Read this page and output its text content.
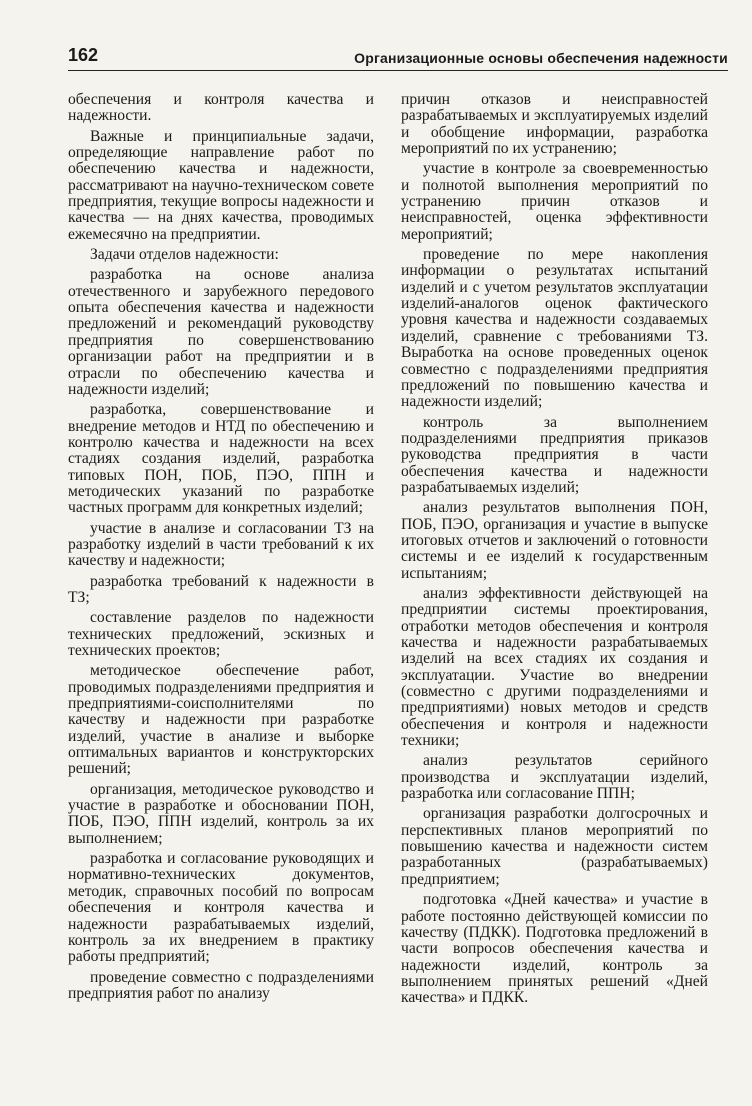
162	Организационные основы обеспечения надежности

обеспечения и контроля качества и надежности.

Важные и принципиальные задачи, определяющие направление работ по обеспечению качества и надежности, рассматривают на научно-техническом совете предприятия, текущие вопросы надежности и качества — на днях качества, проводимых ежемесячно на предприятии.

Задачи отделов надежности:

разработка на основе анализа отечественного и зарубежного передового опыта обеспечения качества и надежности предложений и рекомендаций руководству предприятия по совершенствованию организации работ на предприятии и в отрасли по обеспечению качества и надежности изделий;

разработка, совершенствование и внедрение методов и НТД по обеспечению и контролю качества и надежности на всех стадиях создания изделий, разработка типовых ПОН, ПОБ, ПЭО, ППН и методических указаний по разработке частных программ для конкретных изделий;

участие в анализе и согласовании ТЗ на разработку изделий в части требований к их качеству и надежности;

разработка требований к надежности в ТЗ;

составление разделов по надежности технических предложений, эскизных и технических проектов;

методическое обеспечение работ, проводимых подразделениями предприятия и предприятиями-соисполнителями по качеству и надежности при разработке изделий, участие в анализе и выборке оптимальных вариантов и конструкторских решений;

организация, методическое руководство и участие в разработке и обосновании ПОН, ПОБ, ПЭО, ППН изделий, контроль за их выполнением;

разработка и согласование руководящих и нормативно-технических документов, методик, справочных пособий по вопросам обеспечения и контроля качества и надежности разрабатываемых изделий, контроль за их внедрением в практику работы предприятий;

проведение совместно с подразделениями предприятия работ по анализу

причин отказов и неисправностей разрабатываемых и эксплуатируемых изделий и обобщение информации, разработка мероприятий по их устранению;

участие в контроле за своевременностью и полнотой выполнения мероприятий по устранению причин отказов и неисправностей, оценка эффективности мероприятий;

проведение по мере накопления информации о результатах испытаний изделий и с учетом результатов эксплуатации изделий-аналогов оценок фактического уровня качества и надежности создаваемых изделий, сравнение с требованиями ТЗ. Выработка на основе проведенных оценок совместно с подразделениями предприятия предложений по повышению качества и надежности изделий;

контроль за выполнением подразделениями предприятия приказов руководства предприятия в части обеспечения качества и надежности разрабатываемых изделий;

анализ результатов выполнения ПОН, ПОБ, ПЭО, организация и участие в выпуске итоговых отчетов и заключений о готовности системы и ее изделий к государственным испытаниям;

анализ эффективности действующей на предприятии системы проектирования, отработки методов обеспечения и контроля качества и надежности разрабатываемых изделий на всех стадиях их создания и эксплуатации. Участие во внедрении (совместно с другими подразделениями и предприятиями) новых методов и средств обеспечения и контроля и надежности техники;

анализ результатов серийного производства и эксплуатации изделий, разработка или согласование ППН;

организация разработки долгосрочных и перспективных планов мероприятий по повышению качества и надежности систем разработанных (разрабатываемых) предприятием;

подготовка «Дней качества» и участие в работе постоянно действующей комиссии по качеству (ПДКК). Подготовка предложений в части вопросов обеспечения качества и надежности изделий, контроль за выполнением принятых решений «Дней качества» и ПДКК.
